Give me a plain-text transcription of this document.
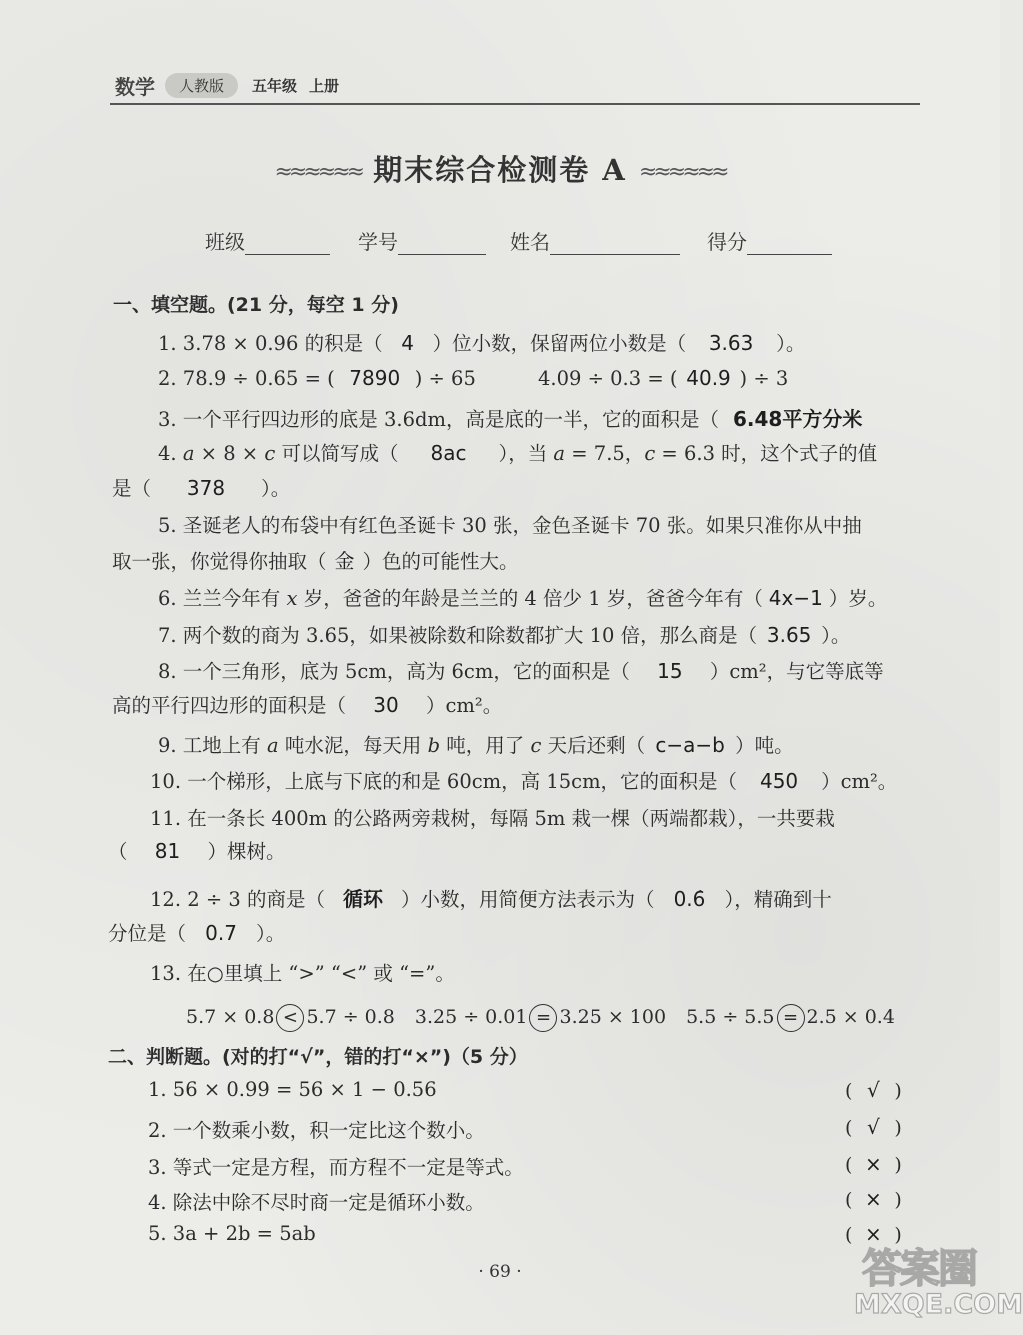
数学	人教版	五年级 上册
≈≈≈≈≈≈ 期末综合检测卷 A ≈≈≈≈≈≈
班级	学号	姓名	得分
一、填空题。(21 分，每空 1 分)
1. 3.78 × 0.96 的积是（ 4 ）位小数，保留两位小数是（ 3.63 ）。
2. 78.9 ÷ 0.65 = ( 7890 ) ÷ 65	4.09 ÷ 0.3 = ( 40.9 ) ÷ 3
3. 一个平行四边形的底是 3.6dm，高是底的一半，它的面积是（ 6.48平方分米
4. a × 8 × c 可以简写成（ 8ac ），当 a = 7.5，c = 6.3 时，这个式子的值
是（ 378 ）。
5. 圣诞老人的布袋中有红色圣诞卡 30 张，金色圣诞卡 70 张。如果只准你从中抽
取一张，你觉得你抽取（ 金 ）色的可能性大。
6. 兰兰今年有 x 岁，爸爸的年龄是兰兰的 4 倍少 1 岁，爸爸今年有（ 4x−1 ）岁。
7. 两个数的商为 3.65，如果被除数和除数都扩大 10 倍，那么商是（ 3.65 ）。
8. 一个三角形，底为 5cm，高为 6cm，它的面积是（ 15 ）cm²，与它等底等
高的平行四边形的面积是（ 30 ）cm²。
9. 工地上有 a 吨水泥，每天用 b 吨，用了 c 天后还剩（ c−a−b ）吨。
10. 一个梯形，上底与下底的和是 60cm，高 15cm，它的面积是（ 450 ）cm²。
11. 在一条长 400m 的公路两旁栽树，每隔 5m 栽一棵（两端都栽），一共要栽
（ 81 ）棵树。
12. 2 ÷ 3 的商是（ 循环 ）小数，用简便方法表示为（ 0.6̇ ），精确到十
分位是（ 0.7 ）。
13. 在○里填上 “>” “<” 或 “=”。
5.7 × 0.8 < 5.7 ÷ 0.8 3.25 ÷ 0.01 = 3.25 × 100 5.5 ÷ 5.5 = 2.5 × 0.4
二、判断题。(对的打“√”，错的打“×”)（5 分）
1. 56 × 0.99 = 56 × 1 − 0.56	( √ )
2. 一个数乘小数，积一定比这个数小。	( √ )
3. 等式一定是方程，而方程不一定是等式。	( × )
4. 除法中除不尽时商一定是循环小数。	( × )
5. 3a + 2b = 5ab	( × )
· 69 ·	答案圈
MXQE.COM
